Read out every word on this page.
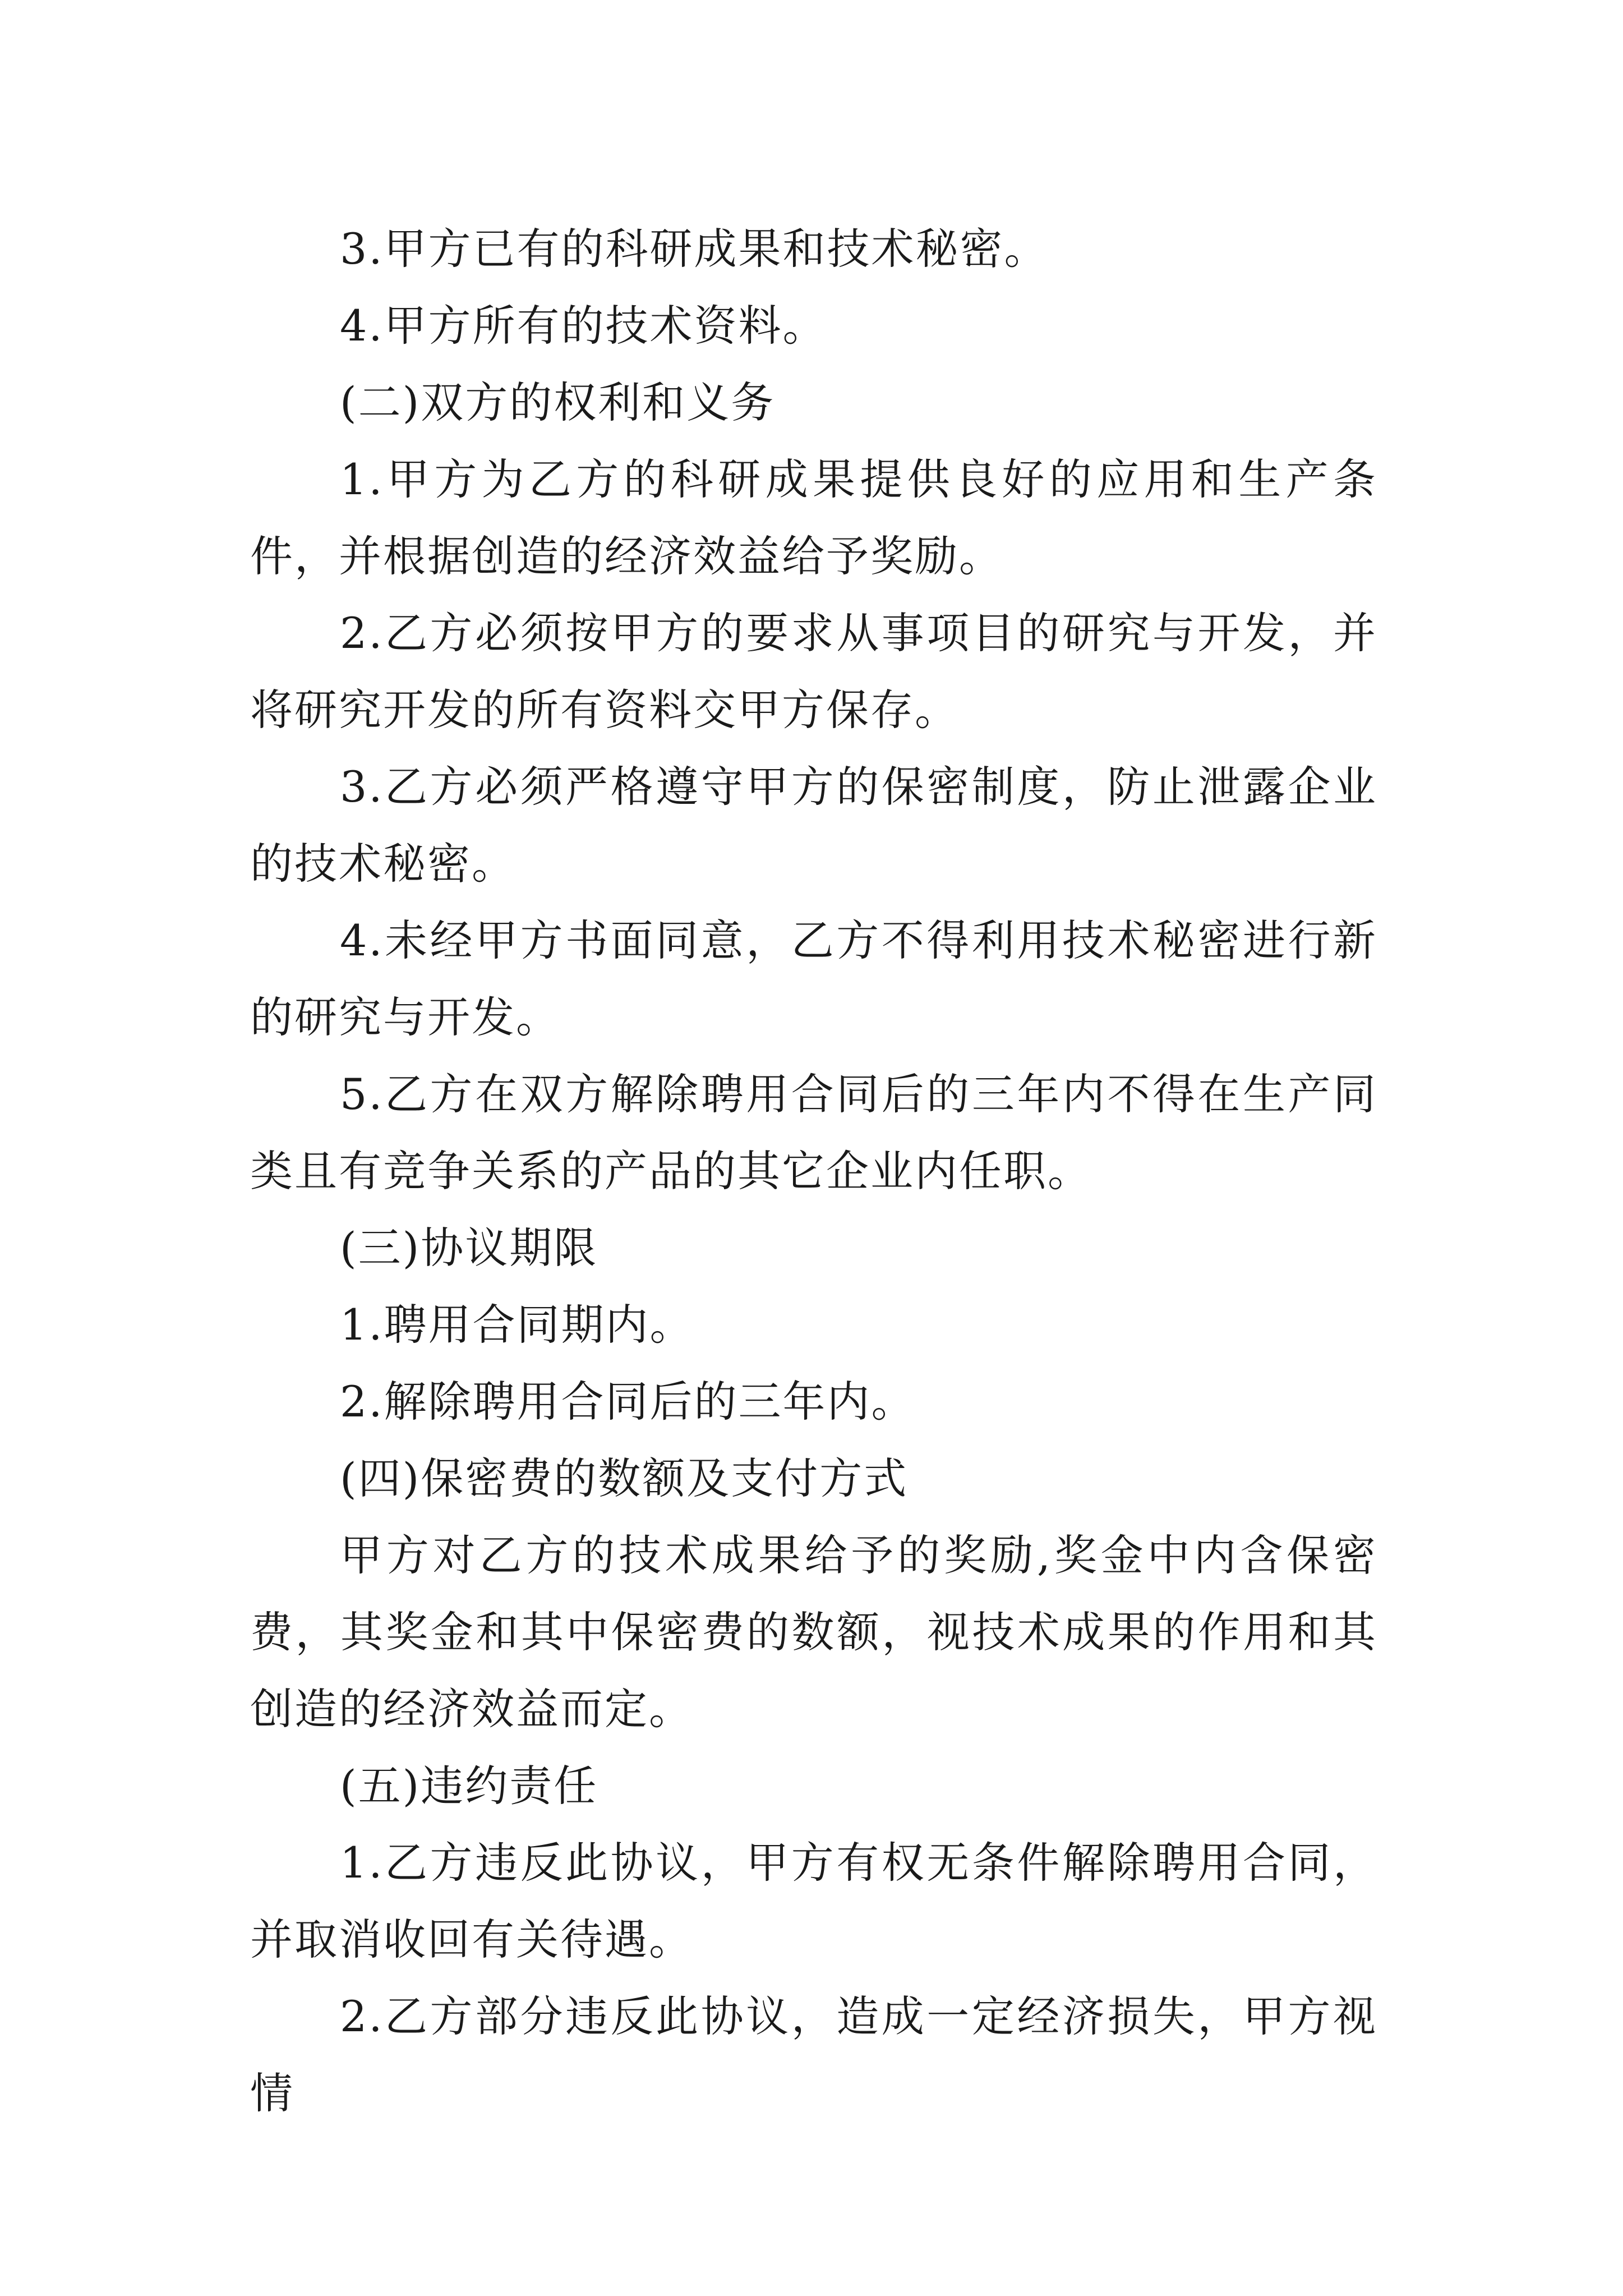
3.甲方已有的科研成果和技术秘密。

4.甲方所有的技术资料。

(二)双方的权利和义务

1.甲方为乙方的科研成果提供良好的应用和生产条件，并根据创造的经济效益给予奖励。

2.乙方必须按甲方的要求从事项目的研究与开发，并将研究开发的所有资料交甲方保存。

3.乙方必须严格遵守甲方的保密制度，防止泄露企业的技术秘密。

4.未经甲方书面同意，乙方不得利用技术秘密进行新的研究与开发。

5.乙方在双方解除聘用合同后的三年内不得在生产同类且有竞争关系的产品的其它企业内任职。

(三)协议期限

1.聘用合同期内。

2.解除聘用合同后的三年内。

(四)保密费的数额及支付方式

甲方对乙方的技术成果给予的奖励,奖金中内含保密费，其奖金和其中保密费的数额，视技术成果的作用和其创造的经济效益而定。

(五)违约责任

1.乙方违反此协议，甲方有权无条件解除聘用合同，并取消收回有关待遇。

2.乙方部分违反此协议，造成一定经济损失，甲方视情
